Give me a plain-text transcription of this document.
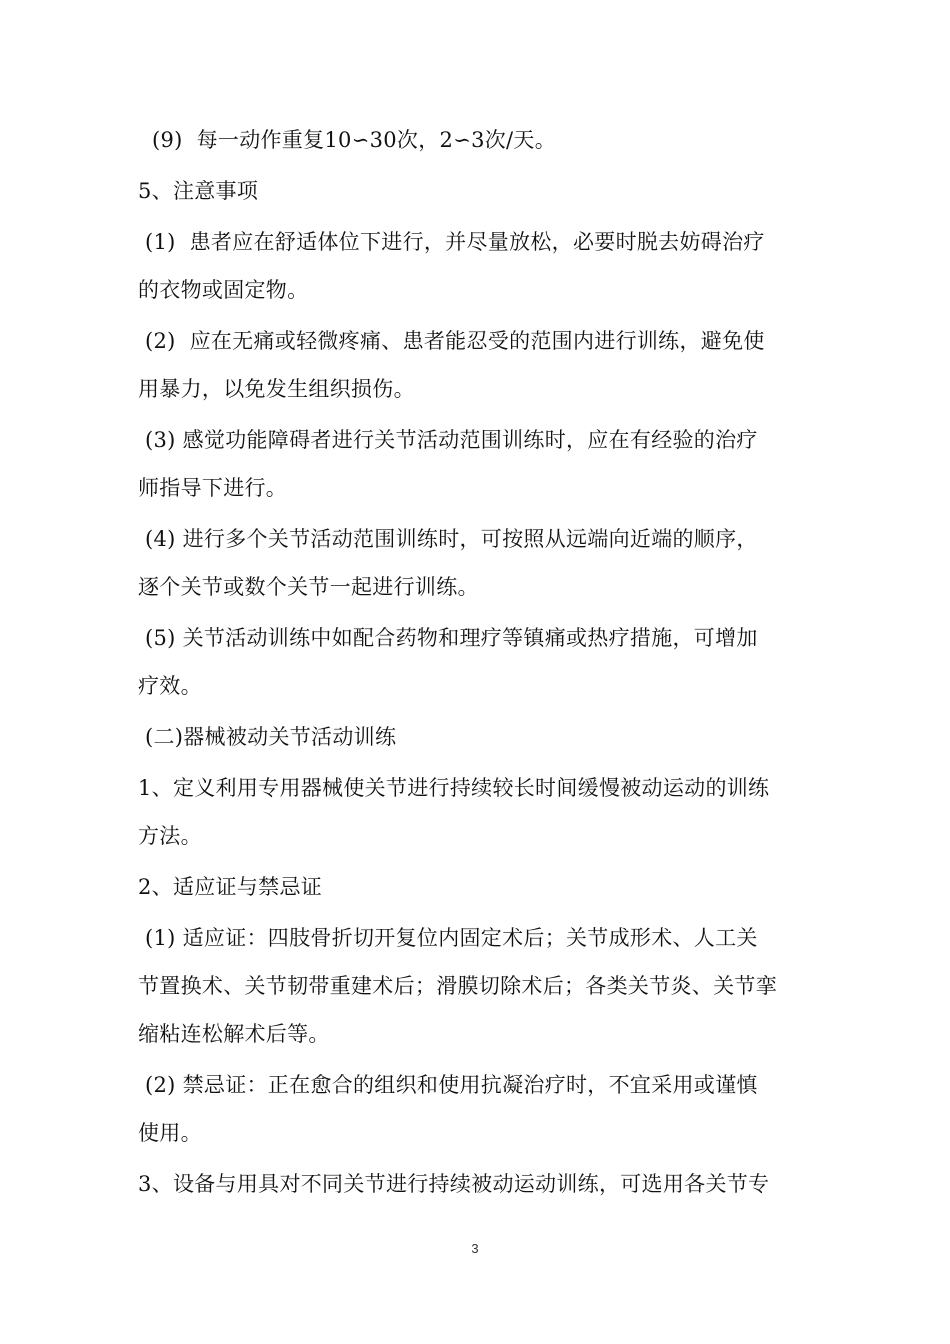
(9)  每一动作重复10∽30次，2∽3次/天。
5、注意事项
(1)  患者应在舒适体位下进行，并尽量放松，必要时脱去妨碍治疗
的衣物或固定物。
(2)  应在无痛或轻微疼痛、患者能忍受的范围内进行训练，避免使
用暴力，以免发生组织损伤。
(3) 感觉功能障碍者进行关节活动范围训练时，应在有经验的治疗
师指导下进行。
(4) 进行多个关节活动范围训练时，可按照从远端向近端的顺序，
逐个关节或数个关节一起进行训练。
(5) 关节活动训练中如配合药物和理疗等镇痛或热疗措施，可增加
疗效。
(二)器械被动关节活动训练
1、定义利用专用器械使关节进行持续较长时间缓慢被动运动的训练
方法。
2、适应证与禁忌证
(1) 适应证：四肢骨折切开复位内固定术后；关节成形术、人工关
节置换术、关节韧带重建术后；滑膜切除术后；各类关节炎、关节挛
缩粘连松解术后等。
(2) 禁忌证：正在愈合的组织和使用抗凝治疗时，不宜采用或谨慎
使用。
3、设备与用具对不同关节进行持续被动运动训练，可选用各关节专
3
